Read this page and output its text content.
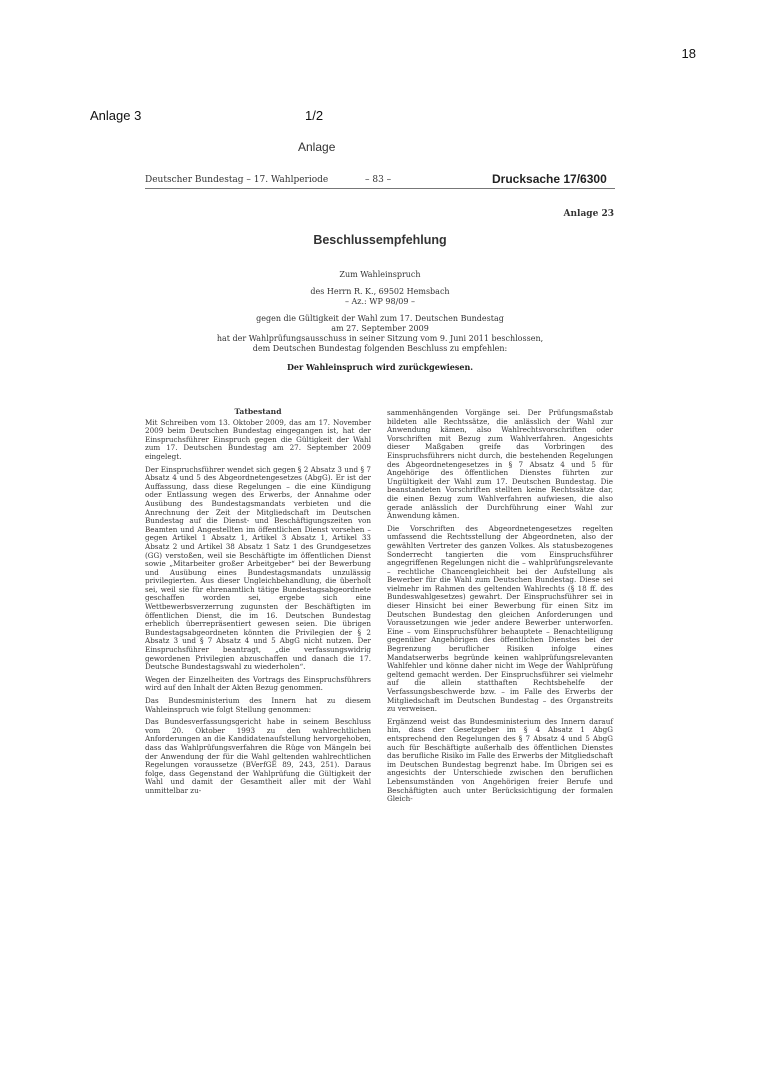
18
Anlage 3	1/2
Anlage
Deutscher Bundestag – 17. Wahlperiode	– 83 –	Drucksache 17/6300
Anlage 23
Beschlussempfehlung
Zum Wahleinspruch
des Herrn R. K., 69502 Hemsbach
– Az.: WP 98/09 –
gegen die Gültigkeit der Wahl zum 17. Deutschen Bundestag
am 27. September 2009
hat der Wahlprüfungsausschuss in seiner Sitzung vom 9. Juni 2011 beschlossen,
dem Deutschen Bundestag folgenden Beschluss zu empfehlen:
Der Wahleinspruch wird zurückgewiesen.
Tatbestand

Mit Schreiben vom 13. Oktober 2009, das am 17. November 2009 beim Deutschen Bundestag eingegangen ist, hat der Einspruchsführer Einspruch gegen die Gültigkeit der Wahl zum 17. Deutschen Bundestag am 27. September 2009 eingelegt.

Der Einspruchsführer wendet sich gegen § 2 Absatz 3 und § 7 Absatz 4 und 5 des Abgeordnetengesetzes (AbgG). Er ist der Auffassung, dass diese Regelungen – die eine Kündigung oder Entlassung wegen des Erwerbs, der Annahme oder Ausübung des Bundestagsmandats verbieten und die Anrechnung der Zeit der Mitgliedschaft im Deutschen Bundestag auf die Dienst- und Beschäftigungszeiten von Beamten und Angestellten im öffentlichen Dienst vorsehen – gegen Artikel 1 Absatz 1, Artikel 3 Absatz 1, Artikel 33 Absatz 2 und Artikel 38 Absatz 1 Satz 1 des Grundgesetzes (GG) verstoßen, weil sie Beschäftigte im öffentlichen Dienst sowie „Mitarbeiter großer Arbeitgeber“ bei der Bewerbung und Ausübung eines Bundestagsmandats unzulässig privilegierten. Aus dieser Ungleichbehandlung, die überholt sei, weil sie für ehrenamtlich tätige Bundestagsabgeordnete geschaffen worden sei, ergebe sich eine Wettbewerbsverzerrung zugunsten der Beschäftigten im öffentlichen Dienst, die im 16. Deutschen Bundestag erheblich überrepräsentiert gewesen seien. Die übrigen Bundestagsabgeordneten könnten die Privilegien der § 2 Absatz 3 und § 7 Absatz 4 und 5 AbgG nicht nutzen. Der Einspruchsführer beantragt, „die verfassungswidrig gewordenen Privilegien abzuschaffen und danach die 17. Deutsche Bundestagswahl zu wiederholen“.

Wegen der Einzelheiten des Vortrags des Einspruchsführers wird auf den Inhalt der Akten Bezug genommen.

Das Bundesministerium des Innern hat zu diesem Wahleinspruch wie folgt Stellung genommen:

Das Bundesverfassungsgericht habe in seinem Beschluss vom 20. Oktober 1993 zu den wahlrechtlichen Anforderungen an die Kandidatenaufstellung hervorgehoben, dass das Wahlprüfungsverfahren die Rüge von Mängeln bei der Anwendung der für die Wahl geltenden wahlrechtlichen Regelungen voraussetze (BVerfGE 89, 243, 251). Daraus folge, dass Gegenstand der Wahlprüfung die Gültigkeit der Wahl und damit der Gesamtheit aller mit der Wahl unmittelbar zu-

sammenhängenden Vorgänge sei. Der Prüfungsmaßstab bildeten alle Rechtssätze, die anlässlich der Wahl zur Anwendung kämen, also Wahlrechtsvorschriften oder Vorschriften mit Bezug zum Wahlverfahren. Angesichts dieser Maßgaben greife das Vorbringen des Einspruchsführers nicht durch, die bestehenden Regelungen des Abgeordnetengesetzes in § 7 Absatz 4 und 5 für Angehörige des öffentlichen Dienstes führten zur Ungültigkeit der Wahl zum 17. Deutschen Bundestag. Die beanstandeten Vorschriften stellten keine Rechtssätze dar, die einen Bezug zum Wahlverfahren aufwiesen, die also gerade anlässlich der Durchführung einer Wahl zur Anwendung kämen.

Die Vorschriften des Abgeordnetengesetzes regelten umfassend die Rechtsstellung der Abgeordneten, also der gewählten Vertreter des ganzen Volkes. Als statusbezogenes Sonderrecht tangierten die vom Einspruchsführer angegriffenen Regelungen nicht die – wahlprüfungsrelevante – rechtliche Chancengleichheit bei der Aufstellung als Bewerber für die Wahl zum Deutschen Bundestag. Diese sei vielmehr im Rahmen des geltenden Wahlrechts (§ 18 ff. des Bundeswahlgesetzes) gewahrt. Der Einspruchsführer sei in dieser Hinsicht bei einer Bewerbung für einen Sitz im Deutschen Bundestag den gleichen Anforderungen und Voraussetzungen wie jeder andere Bewerber unterworfen. Eine – vom Einspruchsführer behauptete – Benachteiligung gegenüber Angehörigen des öffentlichen Dienstes bei der Begrenzung beruflicher Risiken infolge eines Mandatserwerbs begründe keinen wahlprüfungsrelevanten Wahlfehler und könne daher nicht im Wege der Wahlprüfung geltend gemacht werden. Der Einspruchsführer sei vielmehr auf die allein statthaften Rechtsbehelfe der Verfassungsbeschwerde bzw. – im Falle des Erwerbs der Mitgliedschaft im Deutschen Bundestag – des Organstreits zu verweisen.

Ergänzend weist das Bundesministerium des Innern darauf hin, dass der Gesetzgeber im § 4 Absatz 1 AbgG entsprechend den Regelungen des § 7 Absatz 4 und 5 AbgG auch für Beschäftigte außerhalb des öffentlichen Dienstes das berufliche Risiko im Falle des Erwerbs der Mitgliedschaft im Deutschen Bundestag begrenzt habe. Im Übrigen sei es angesichts der Unterschiede zwischen den beruflichen Lebensumständen von Angehörigen freier Berufe und Beschäftigten auch unter Berücksichtigung der formalen Gleich-
